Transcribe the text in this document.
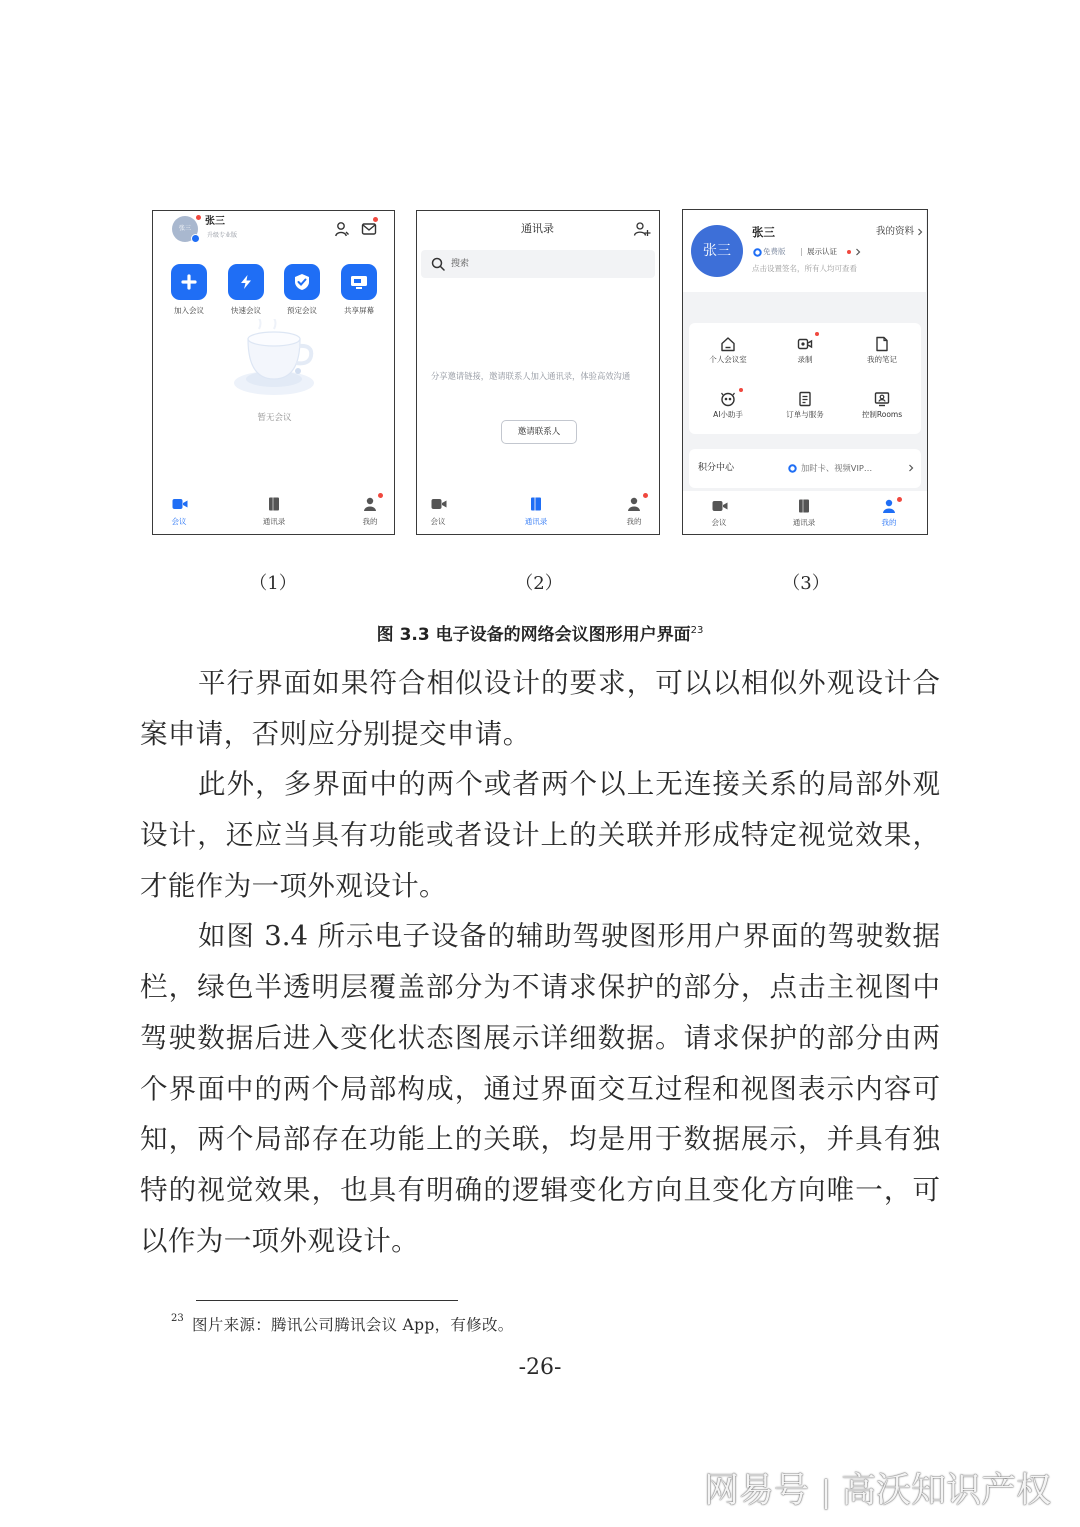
张三
张三
升级专业版
加入会议	快速会议	预定会议	共享屏幕
暂无会议
会议	通讯录	我的
通讯录
搜索
分享邀请链接，邀请联系人加入通讯录，体验高效沟通
邀请联系人
会议	通讯录	我的
张三
张三	我的资料
免费版	展示认证
点击设置签名，所有人均可查看
个人会议室	录制	我的笔记
AI小助手	订单与服务	控制Rooms
积分中心	加时卡、视频VIP…
会议	通讯录	我的
（1）	（2）	（3）
图 3.3 电子设备的网络会议图形用户界面$^{23}$
平行界面如果符合相似设计的要求，可以以相似外观设计合
案申请，否则应分别提交申请。
此外，多界面中的两个或者两个以上无连接关系的局部外观
设计，还应当具有功能或者设计上的关联并形成特定视觉效果，
才能作为一项外观设计。
如图 3.4 所示电子设备的辅助驾驶图形用户界面的驾驶数据
栏，绿色半透明层覆盖部分为不请求保护的部分，点击主视图中
驾驶数据后进入变化状态图展示详细数据。请求保护的部分由两
个界面中的两个局部构成，通过界面交互过程和视图表示内容可
知，两个局部存在功能上的关联，均是用于数据展示，并具有独
特的视觉效果，也具有明确的逻辑变化方向且变化方向唯一，可
以作为一项外观设计。
23 图片来源：腾讯公司腾讯会议 App，有修改。
-26-
网易号 | 高沃知识产权
